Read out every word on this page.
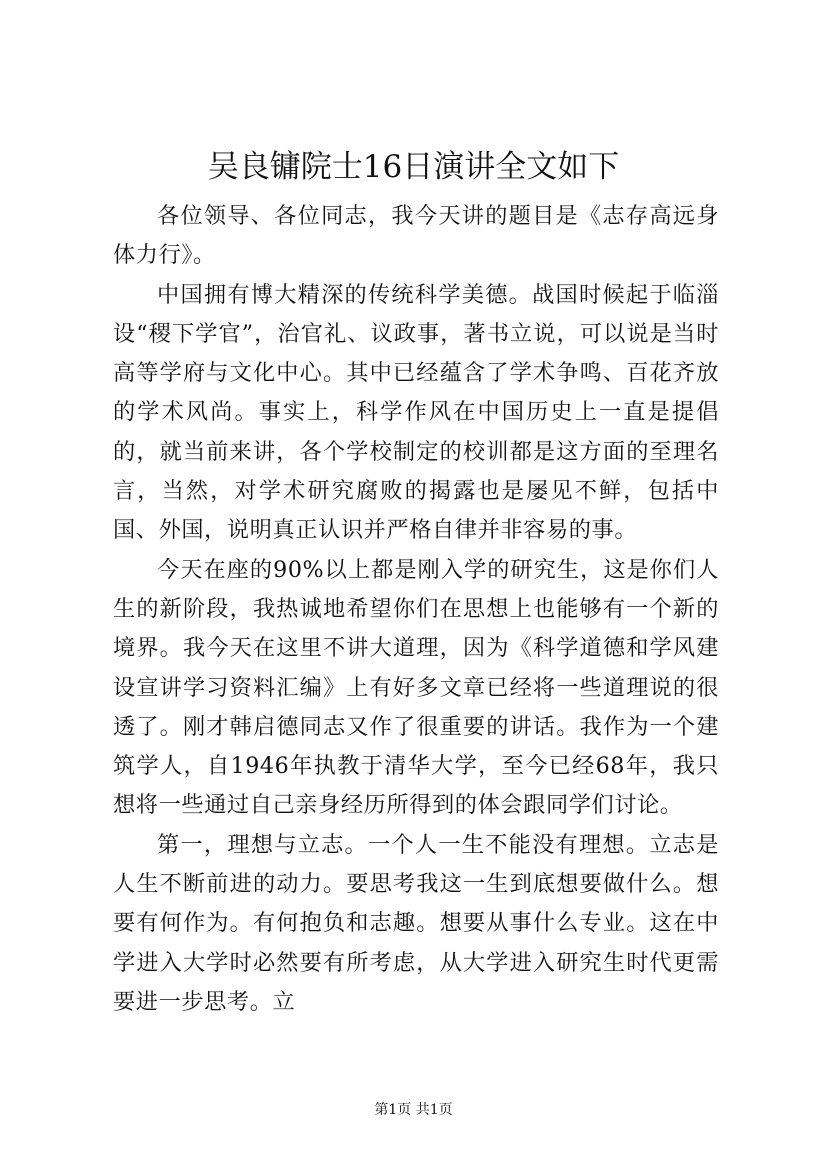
吴良镛院士16日演讲全文如下

各位领导、各位同志，我今天讲的题目是《志存高远身体力行》。

中国拥有博大精深的传统科学美德。战国时候起于临淄设“稷下学官”，治官礼、议政事，著书立说，可以说是当时高等学府与文化中心。其中已经蕴含了学术争鸣、百花齐放的学术风尚。事实上，科学作风在中国历史上一直是提倡的，就当前来讲，各个学校制定的校训都是这方面的至理名言，当然，对学术研究腐败的揭露也是屡见不鲜，包括中国、外国，说明真正认识并严格自律并非容易的事。

今天在座的90%以上都是刚入学的研究生，这是你们人生的新阶段，我热诚地希望你们在思想上也能够有一个新的境界。我今天在这里不讲大道理，因为《科学道德和学风建设宣讲学习资料汇编》上有好多文章已经将一些道理说的很透了。刚才韩启德同志又作了很重要的讲话。我作为一个建筑学人，自1946年执教于清华大学，至今已经68年，我只想将一些通过自己亲身经历所得到的体会跟同学们讨论。

第一，理想与立志。一个人一生不能没有理想。立志是人生不断前进的动力。要思考我这一生到底想要做什么。想要有何作为。有何抱负和志趣。想要从事什么专业。这在中学进入大学时必然要有所考虑，从大学进入研究生时代更需要进一步思考。立

第1页 共1页
